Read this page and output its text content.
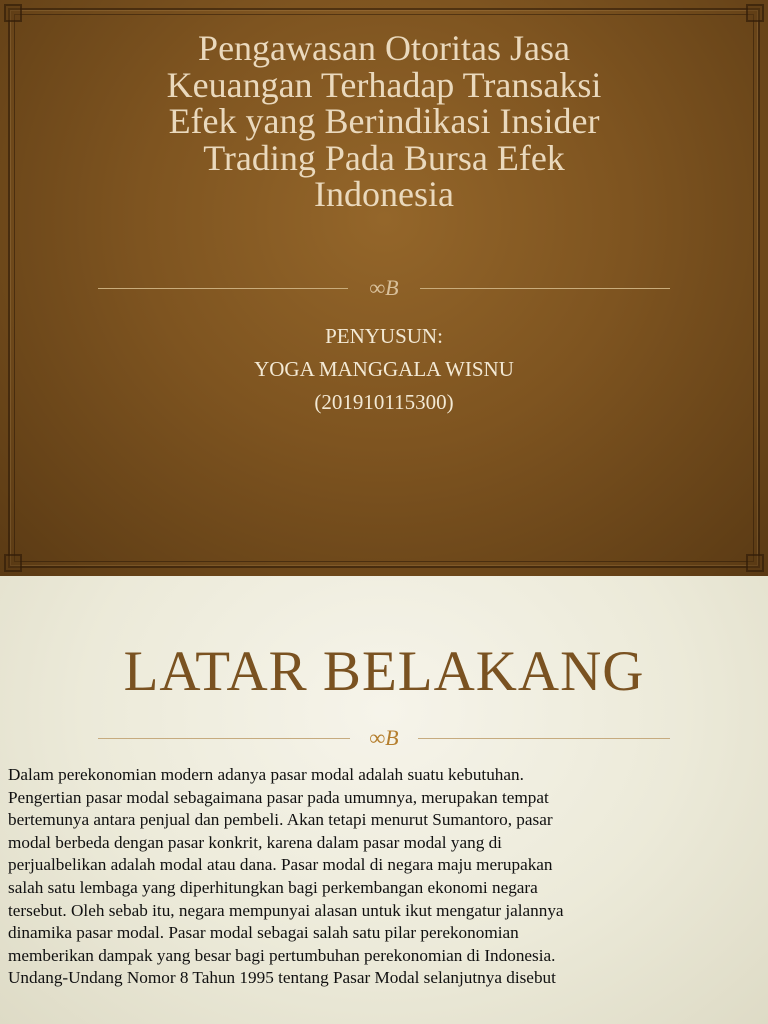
Pengawasan Otoritas Jasa
Keuangan Terhadap Transaksi
Efek yang Berindikasi Insider
Trading Pada Bursa Efek
Indonesia
∞B
PENYUSUN:
YOGA MANGGALA WISNU
(201910115300)
LATAR BELAKANG
∞B

Dalam perekonomian modern adanya pasar modal adalah suatu kebutuhan.
Pengertian pasar modal sebagaimana pasar pada umumnya, merupakan tempat
bertemunya antara penjual dan pembeli. Akan tetapi menurut Sumantoro, pasar
modal berbeda dengan pasar konkrit, karena dalam pasar modal yang di
perjualbelikan adalah modal atau dana. Pasar modal di negara maju merupakan
salah satu lembaga yang diperhitungkan bagi perkembangan ekonomi negara
tersebut. Oleh sebab itu, negara mempunyai alasan untuk ikut mengatur jalannya
dinamika pasar modal. Pasar modal sebagai salah satu pilar perekonomian
memberikan dampak yang besar bagi pertumbuhan perekonomian di Indonesia.
Undang-Undang Nomor 8 Tahun 1995 tentang Pasar Modal selanjutnya disebut
